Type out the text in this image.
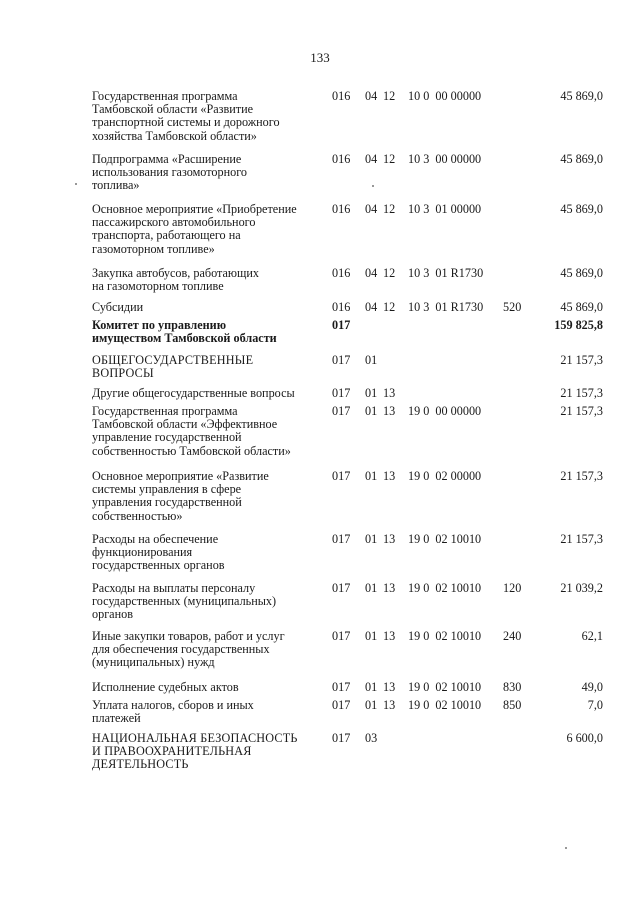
133
Государственная программа
Тамбовской области «Развитие
транспортной системы и дорожного
хозяйства Тамбовской области»
016 04 12 10 0  00 00000	45 869,0
Подпрограмма «Расширение
использования газомоторного
топлива»
016 04 12 10 3  00 00000	45 869,0
Основное мероприятие «Приобретение
пассажирского автомобильного
транспорта, работающего на
газомоторном топливе»
016 04 12 10 3  01 00000	45 869,0
Закупка автобусов, работающих
на газомоторном топливе
016 04 12 10 3  01 R1730	45 869,0
Субсидии	016 04 12 10 3  01 R1730 520	45 869,0
Комитет по управлению
имуществом Тамбовской области
017	159 825,8
ОБЩЕГОСУДАРСТВЕННЫЕ
ВОПРОСЫ
017 01	21 157,3
Другие общегосударственные вопросы	017 01 13	21 157,3
Государственная программа
Тамбовской области «Эффективное
управление государственной
собственностью Тамбовской области»
017 01 13 19 0  00 00000	21 157,3
Основное мероприятие «Развитие
системы управления в сфере
управления государственной
собственностью»
017 01 13 19 0  02 00000	21 157,3
Расходы на обеспечение
функционирования
государственных органов
017 01 13 19 0  02 10010	21 157,3
Расходы на выплаты персоналу
государственных (муниципальных)
органов
017 01 13 19 0  02 10010 120	21 039,2
Иные закупки товаров, работ и услуг
для обеспечения государственных
(муниципальных) нужд
017 01 13 19 0  02 10010 240	62,1
Исполнение судебных актов	017 01 13 19 0  02 10010 830	49,0
Уплата налогов, сборов и иных
платежей
017 01 13 19 0  02 10010 850	7,0
НАЦИОНАЛЬНАЯ БЕЗОПАСНОСТЬ
И ПРАВООХРАНИТЕЛЬНАЯ
ДЕЯТЕЛЬНОСТЬ
017 03	6 600,0
